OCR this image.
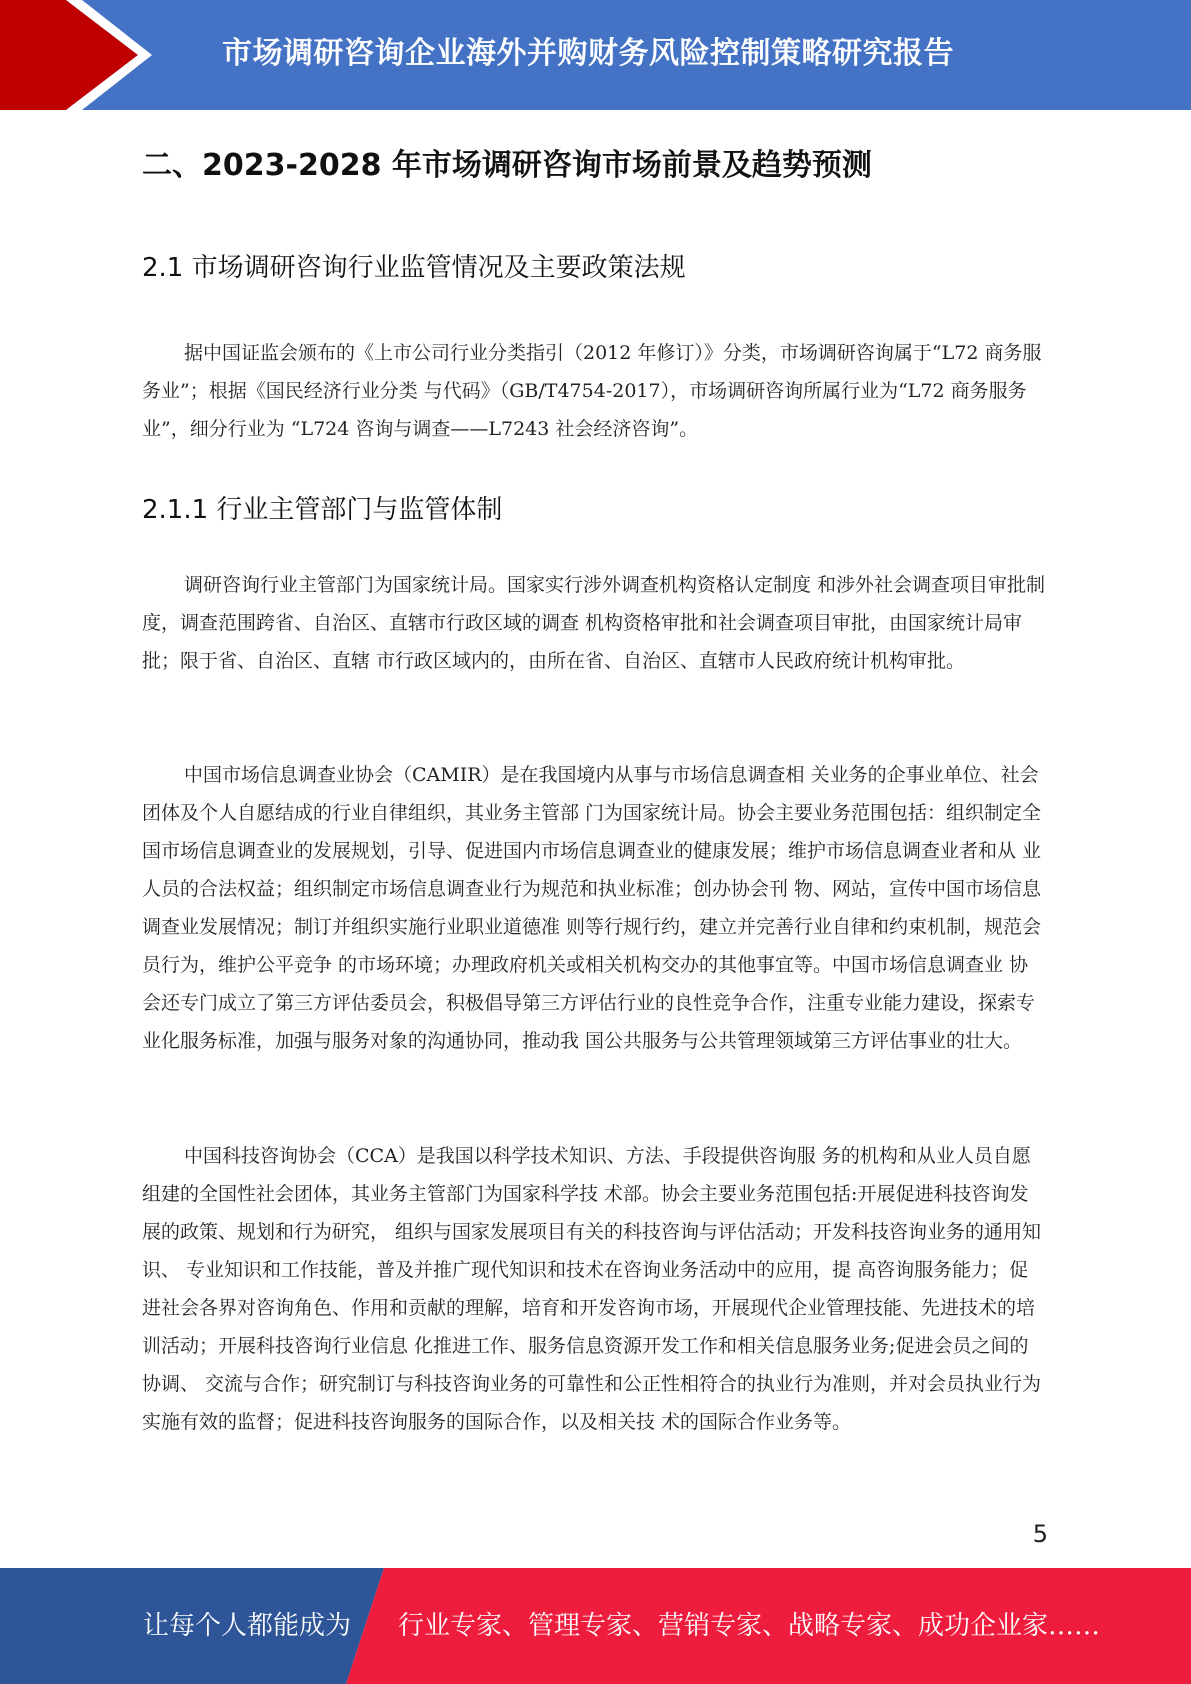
市场调研咨询企业海外并购财务风险控制策略研究报告
二、2023-2028 年市场调研咨询市场前景及趋势预测
2.1 市场调研咨询行业监管情况及主要政策法规

据中国证监会颁布的《上市公司行业分类指引（2012 年修订）》分类，市场调研咨询属于“L72 商务服务业”；根据《国民经济行业分类 与代码》（GB/T4754-2017），市场调研咨询所属行业为“L72 商务服务业”，细分行业为 “L724 咨询与调查——L7243 社会经济咨询”。

2.1.1 行业主管部门与监管体制

调研咨询行业主管部门为国家统计局。国家实行涉外调查机构资格认定制度 和涉外社会调查项目审批制度，调查范围跨省、自治区、直辖市行政区域的调查 机构资格审批和社会调查项目审批，由国家统计局审批；限于省、自治区、直辖 市行政区域内的，由所在省、自治区、直辖市人民政府统计机构审批。

中国市场信息调查业协会（CAMIR）是在我国境内从事与市场信息调查相 关业务的企事业单位、社会团体及个人自愿结成的行业自律组织，其业务主管部 门为国家统计局。协会主要业务范围包括：组织制定全国市场信息调查业的发展规划，引导、促进国内市场信息调查业的健康发展；维护市场信息调查业者和从 业人员的合法权益；组织制定市场信息调查业行为规范和执业标准；创办协会刊 物、网站，宣传中国市场信息调查业发展情况；制订并组织实施行业职业道德准 则等行规行约，建立并完善行业自律和约束机制，规范会员行为，维护公平竞争 的市场环境；办理政府机关或相关机构交办的其他事宜等。中国市场信息调查业 协会还专门成立了第三方评估委员会，积极倡导第三方评估行业的良性竞争合作，注重专业能力建设，探索专业化服务标准，加强与服务对象的沟通协同，推动我 国公共服务与公共管理领域第三方评估事业的壮大。

中国科技咨询协会（CCA）是我国以科学技术知识、方法、手段提供咨询服 务的机构和从业人员自愿组建的全国性社会团体，其业务主管部门为国家科学技 术部。协会主要业务范围包括:开展促进科技咨询发展的政策、规划和行为研究， 组织与国家发展项目有关的科技咨询与评估活动；开发科技咨询业务的通用知识、 专业知识和工作技能，普及并推广现代知识和技术在咨询业务活动中的应用，提 高咨询服务能力；促进社会各界对咨询角色、作用和贡献的理解，培育和开发咨询市场，开展现代企业管理技能、先进技术的培训活动；开展科技咨询行业信息 化推进工作、服务信息资源开发工作和相关信息服务业务;促进会员之间的协调、 交流与合作；研究制订与科技咨询业务的可靠性和公正性相符合的执业行为准则，并对会员执业行为实施有效的监督；促进科技咨询服务的国际合作，以及相关技 术的国际合作业务等。

5
让每个人都能成为 行业专家、管理专家、营销专家、战略专家、成功企业家……
